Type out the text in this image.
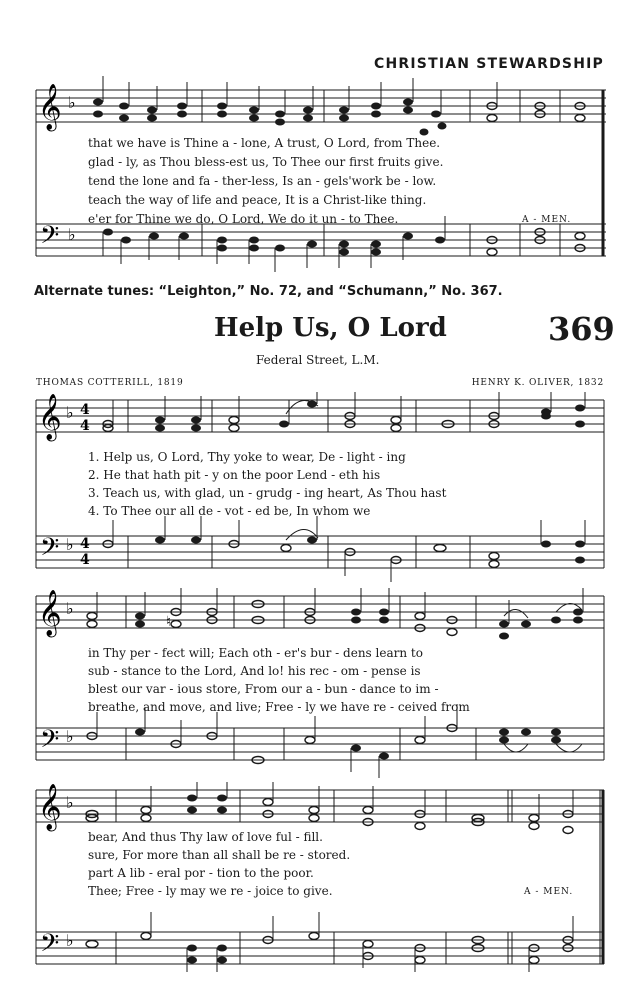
CHRISTIAN STEWARDSHIP
𝄞
𝄢
♭
♭
that we have is Thine a - lone, A trust, O Lord, from Thee.
glad - ly, as Thou bless-est us, To Thee our first fruits give.
tend the lone and fa - ther-less, Is an - gels'work be - low.
teach the way of life and peace, It is a Christ-like thing.
e'er for Thine we do, O Lord, We do it un - to Thee.	A - MEN.
Alternate tunes: “Leighton,” No. 72, and “Schumann,” No. 367.
Help Us, O Lord	369
Federal Street, L.M.
THOMAS COTTERILL, 1819	HENRY K. OLIVER, 1832
𝄞
𝄢
♭
♭
4
4
4
4
1. Help us, O Lord, Thy yoke to wear, De - light - ing
2. He that hath pit - y on the poor Lend - eth his
3. Teach us, with glad, un - grudg - ing heart, As Thou hast
4. To Thee our all de - vot - ed be, In whom we
𝄞
𝄢
♭
♭
♮
in Thy per - fect will; Each oth - er's bur - dens learn to
sub - stance to the Lord, And lo! his rec - om - pense is
blest our var - ious store, From our a - bun - dance to im -
breathe, and move, and live; Free - ly we have re - ceived from
𝄞
𝄢
♭
♭
bear, And thus Thy law of love ful - fill.
sure, For more than all shall be re - stored.
part A lib - eral por - tion to the poor.
Thee; Free - ly may we re - joice to give.	A - MEN.
